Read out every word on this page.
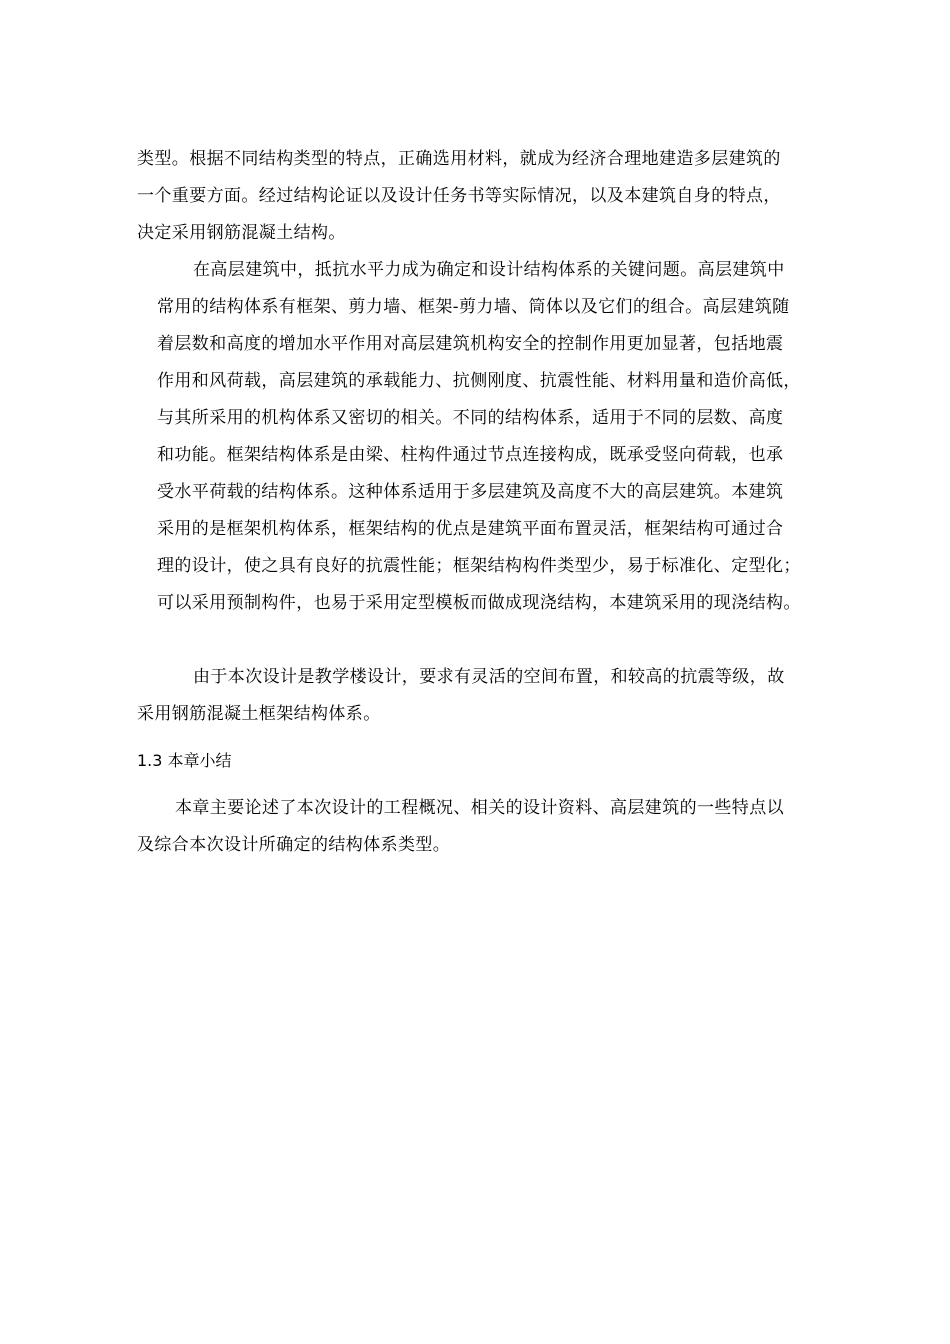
类型。根据不同结构类型的特点，正确选用材料，就成为经济合理地建造多层建筑的
一个重要方面。经过结构论证以及设计任务书等实际情况，以及本建筑自身的特点，
决定采用钢筋混凝土结构。
在高层建筑中，抵抗水平力成为确定和设计结构体系的关键问题。高层建筑中
常用的结构体系有框架、剪力墙、框架-剪力墙、筒体以及它们的组合。高层建筑随
着层数和高度的增加水平作用对高层建筑机构安全的控制作用更加显著，包括地震
作用和风荷载，高层建筑的承载能力、抗侧刚度、抗震性能、材料用量和造价高低，
与其所采用的机构体系又密切的相关。不同的结构体系，适用于不同的层数、高度
和功能。框架结构体系是由梁、柱构件通过节点连接构成，既承受竖向荷载，也承
受水平荷载的结构体系。这种体系适用于多层建筑及高度不大的高层建筑。本建筑
采用的是框架机构体系，框架结构的优点是建筑平面布置灵活，框架结构可通过合
理的设计，使之具有良好的抗震性能；框架结构构件类型少，易于标准化、定型化；
可以采用预制构件，也易于采用定型模板而做成现浇结构，本建筑采用的现浇结构。
由于本次设计是教学楼设计，要求有灵活的空间布置，和较高的抗震等级，故
采用钢筋混凝土框架结构体系。
1.3 本章小结
本章主要论述了本次设计的工程概况、相关的设计资料、高层建筑的一些特点以
及综合本次设计所确定的结构体系类型。
